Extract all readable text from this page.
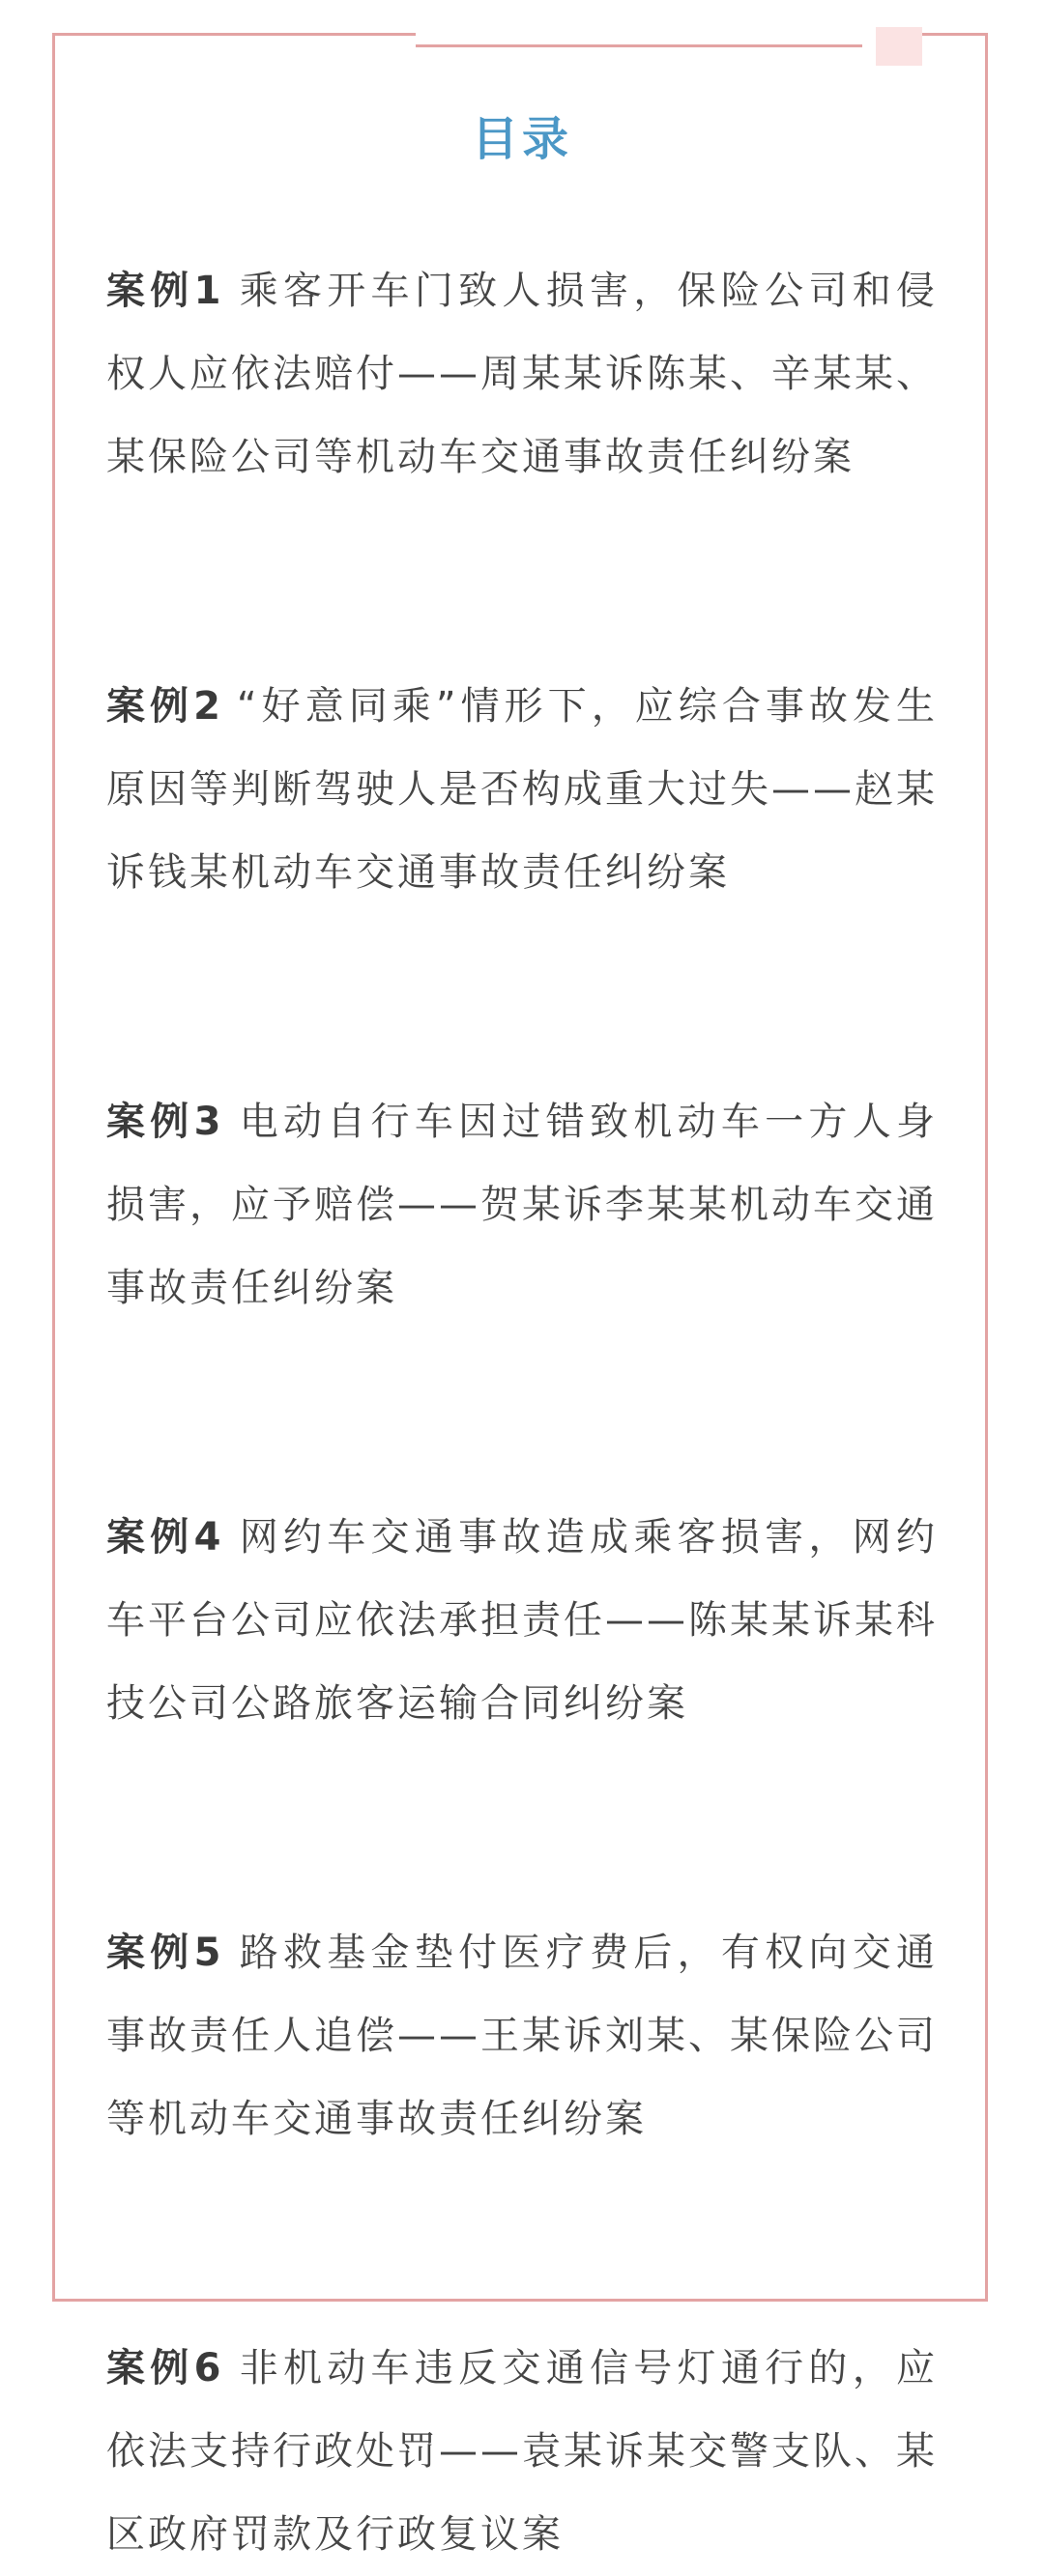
目录

案例1 乘客开车门致人损害，保险公司和侵权人应依法赔付——周某某诉陈某、辛某某、某保险公司等机动车交通事故责任纠纷案

案例2 “好意同乘”情形下，应综合事故发生原因等判断驾驶人是否构成重大过失——赵某诉钱某机动车交通事故责任纠纷案

案例3 电动自行车因过错致机动车一方人身损害，应予赔偿——贺某诉李某某机动车交通事故责任纠纷案

案例4 网约车交通事故造成乘客损害，网约车平台公司应依法承担责任——陈某某诉某科技公司公路旅客运输合同纠纷案

案例5 路救基金垫付医疗费后，有权向交通事故责任人追偿——王某诉刘某、某保险公司等机动车交通事故责任纠纷案

案例6 非机动车违反交通信号灯通行的，应依法支持行政处罚——袁某诉某交警支队、某区政府罚款及行政复议案
